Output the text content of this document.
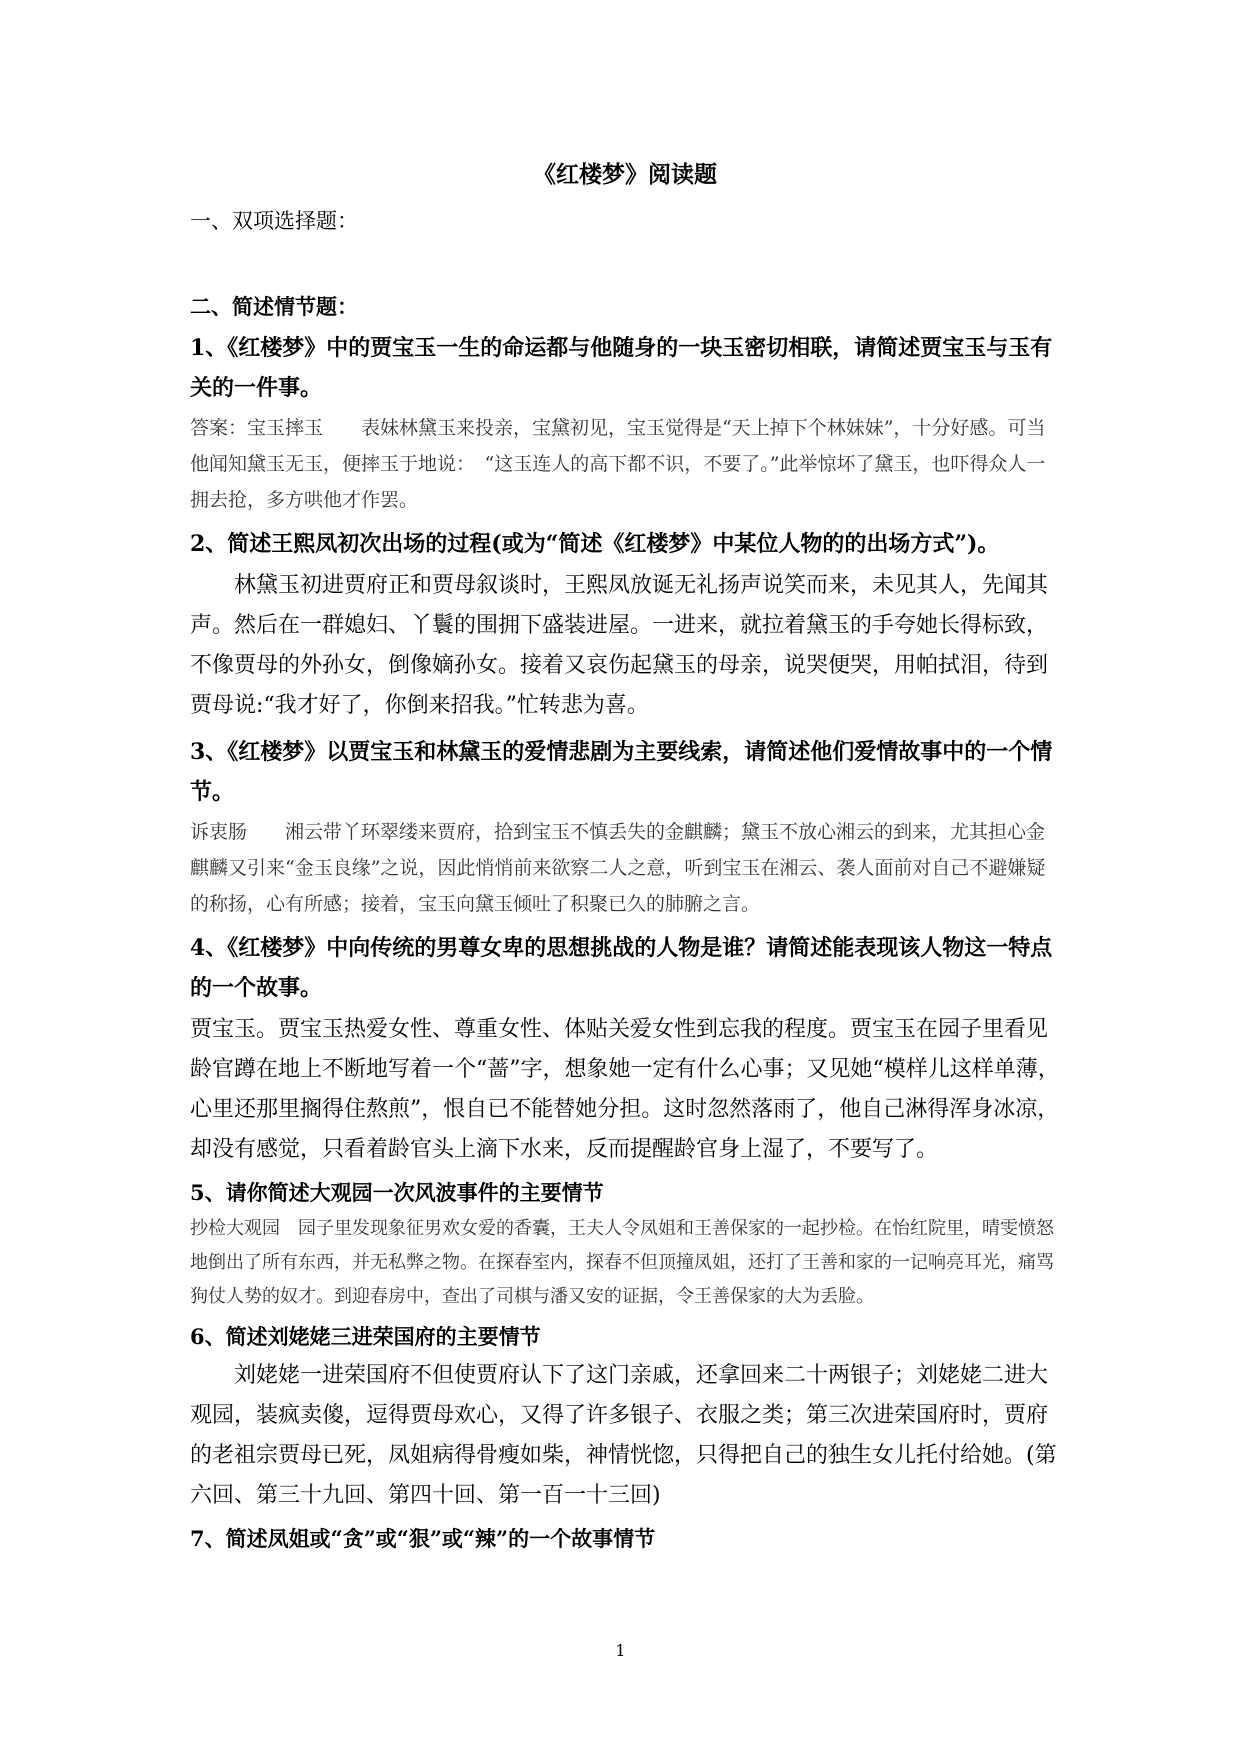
《红楼梦》阅读题

一、双项选择题：

二、简述情节题：

1、《红楼梦》中的贾宝玉一生的命运都与他随身的一块玉密切相联，请简述贾宝玉与玉有关的一件事。

答案：宝玉摔玉　　表妹林黛玉来投亲，宝黛初见，宝玉觉得是“天上掉下个林妹妹”，十分好感。可当他闻知黛玉无玉，便摔玉于地说：　“这玉连人的高下都不识，不要了。”此举惊坏了黛玉，也吓得众人一拥去抢，多方哄他才作罢。

2、简述王熙凤初次出场的过程(或为“简述《红楼梦》中某位人物的的出场方式”)。

林黛玉初进贾府正和贾母叙谈时，王熙凤放诞无礼扬声说笑而来，未见其人，先闻其声。然后在一群媳妇、丫鬟的围拥下盛装进屋。一进来，就拉着黛玉的手夸她长得标致，不像贾母的外孙女，倒像嫡孙女。接着又哀伤起黛玉的母亲，说哭便哭，用帕拭泪，待到贾母说:“我才好了，你倒来招我。”忙转悲为喜。

3、《红楼梦》以贾宝玉和林黛玉的爱情悲剧为主要线索，请简述他们爱情故事中的一个情节。

诉衷肠　　湘云带丫环翠缕来贾府，拾到宝玉不慎丢失的金麒麟；黛玉不放心湘云的到来，尤其担心金麒麟又引来“金玉良缘”之说，因此悄悄前来欲察二人之意，听到宝玉在湘云、袭人面前对自己不避嫌疑的称扬，心有所感；接着，宝玉向黛玉倾吐了积聚已久的肺腑之言。

4、《红楼梦》中向传统的男尊女卑的思想挑战的人物是谁？请简述能表现该人物这一特点的一个故事。

贾宝玉。贾宝玉热爱女性、尊重女性、体贴关爱女性到忘我的程度。贾宝玉在园子里看见龄官蹲在地上不断地写着一个“蔷”字，想象她一定有什么心事；又见她“模样儿这样单薄，心里还那里搁得住熬煎”，恨自已不能替她分担。这时忽然落雨了，他自己淋得浑身冰凉，却没有感觉，只看着龄官头上滴下水来，反而提醒龄官身上湿了，不要写了。

5、请你简述大观园一次风波事件的主要情节

抄检大观园　园子里发现象征男欢女爱的香囊，王夫人令凤姐和王善保家的一起抄检。在怡红院里，晴雯愤怒地倒出了所有东西，并无私弊之物。在探春室内，探春不但顶撞凤姐，还打了王善和家的一记响亮耳光，痛骂狗仗人势的奴才。到迎春房中，查出了司棋与潘又安的证据，令王善保家的大为丢脸。

6、简述刘姥姥三进荣国府的主要情节

刘姥姥一进荣国府不但使贾府认下了这门亲戚，还拿回来二十两银子；刘姥姥二进大观园，装疯卖傻，逗得贾母欢心，又得了许多银子、衣服之类；第三次进荣国府时，贾府的老祖宗贾母已死，凤姐病得骨瘦如柴，神情恍惚，只得把自己的独生女儿托付给她。(第六回、第三十九回、第四十回、第一百一十三回)

7、简述凤姐或“贪”或“狠”或“辣”的一个故事情节

1
